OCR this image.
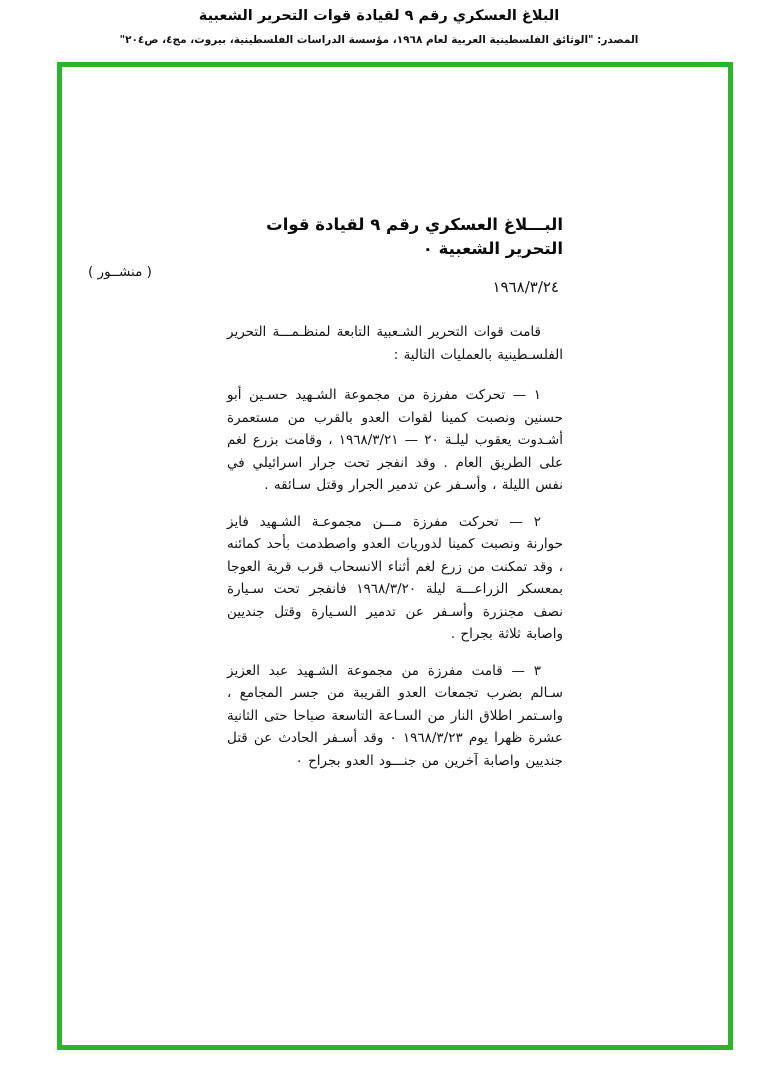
البلاغ العسكري رقم ٩ لقيادة قوات التحرير الشعبية

المصدر: "الوثائق الفلسطينية العربية لعام ١٩٦٨، مؤسسة الدراسات الفلسطينية، بيروت، مج٤، ص٢٠٤"

( منشــور )

البـــلاغ العسكري رقم ٩ لقيادة قوات التحرير الشعبية ٠

١٩٦٨/٣/٢٤

قامت قوات التحرير الشـعبية التابعة لمنظـمـــة التحرير الفلسـطينية بالعمليات التالية :

١ — تحركت مفرزة من مجموعة الشـهيد حسـين أبو حسنين ونصبت كمينا لقوات العدو بالقرب من مستعمرة أشـدوت يعقوب ليلـة ٢٠ — ١٩٦٨/٣/٢١ ، وقامت بزرع لغم على الطريق العام . وقد انفجر تحت جرار اسرائيلي في نفس الليلة ، وأسـفر عن تدمير الجرار وقتل سـائقه .

٢ — تحركت مفرزة مـــن مجموعـة الشـهيد فايز حوارنة ونصبت كمينا لدوريات العدو واصطدمت بأحد كمائنه ، وقد تمكنت من زرع لغم أثناء الانسحاب قرب قرية العوجا بمعسكر الزراعـــة ليلة ١٩٦٨/٣/٢٠ فانفجر تحت سـيارة نصف مجنزرة وأسـفر عن تدمير السـيارة وقتل جنديين واصابة ثلاثة بجراح .

٣ — قامت مفرزة من مجموعة الشـهيد عبد العزيز سـالم بضرب تجمعات العدو القريبة من جسر المجامع ، واسـتمر اطلاق النار من السـاعة التاسعة صباحا حتى الثانية عشرة ظهرا يوم ١٩٦٨/٣/٢٣ ٠ وقد أسـفر الحادث عن قتل جنديين واصابة آخرين من جنـــود العدو بجراح ٠
